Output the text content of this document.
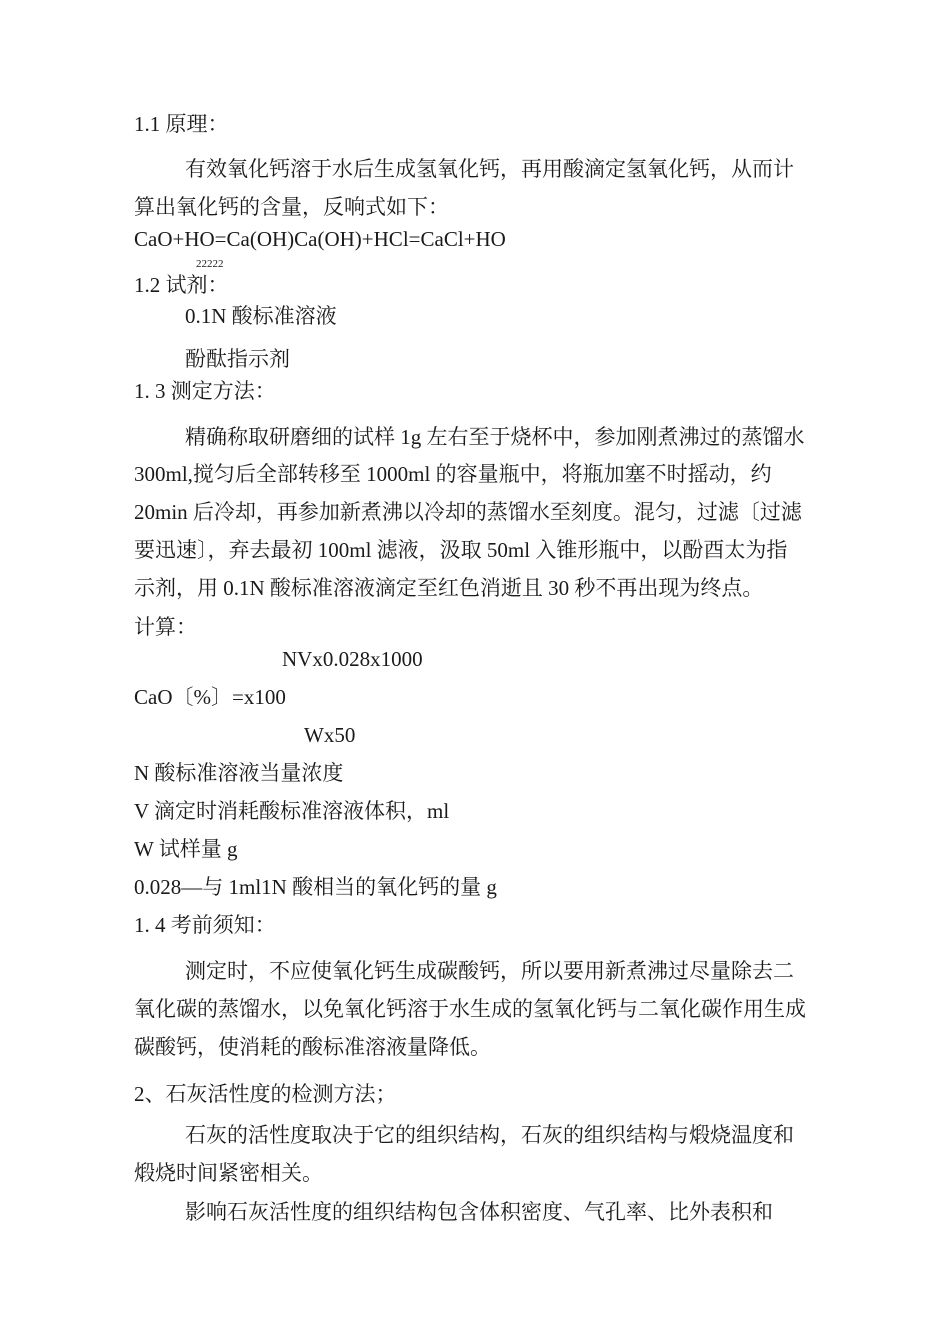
1.1 原理：
有效氧化钙溶于水后生成氢氧化钙，再用酸滴定氢氧化钙，从而计
算出氧化钙的含量，反响式如下：
CaO+HO=Ca(OH)Ca(OH)+HCl=CaCl+HO
22222
1.2 试剂：
0.1N 酸标准溶液
酚酞指示剂
1. 3 测定方法：
精确称取研磨细的试样 1g 左右至于烧杯中，参加刚煮沸过的蒸馏水
300ml,搅匀后全部转移至 1000ml 的容量瓶中，将瓶加塞不时摇动，约
20min 后冷却，再参加新煮沸以冷却的蒸馏水至刻度。混匀，过滤〔过滤
要迅速〕，弃去最初 100ml 滤液，汲取 50ml 入锥形瓶中，以酚酉太为指
示剂，用 0.1N 酸标准溶液滴定至红色消逝且 30 秒不再出现为终点。
计算：
NVx0.028x1000
CaO〔%〕=x100
Wx50
N 酸标准溶液当量浓度
V 滴定时消耗酸标准溶液体积，ml
W 试样量 g
0.028—与 1ml1N 酸相当的氧化钙的量 g
1. 4 考前须知：
测定时，不应使氧化钙生成碳酸钙，所以要用新煮沸过尽量除去二
氧化碳的蒸馏水，以免氧化钙溶于水生成的氢氧化钙与二氧化碳作用生成
碳酸钙，使消耗的酸标准溶液量降低。
2、石灰活性度的检测方法；
石灰的活性度取决于它的组织结构，石灰的组织结构与煅烧温度和
煅烧时间紧密相关。
影响石灰活性度的组织结构包含体积密度、气孔率、比外表积和
